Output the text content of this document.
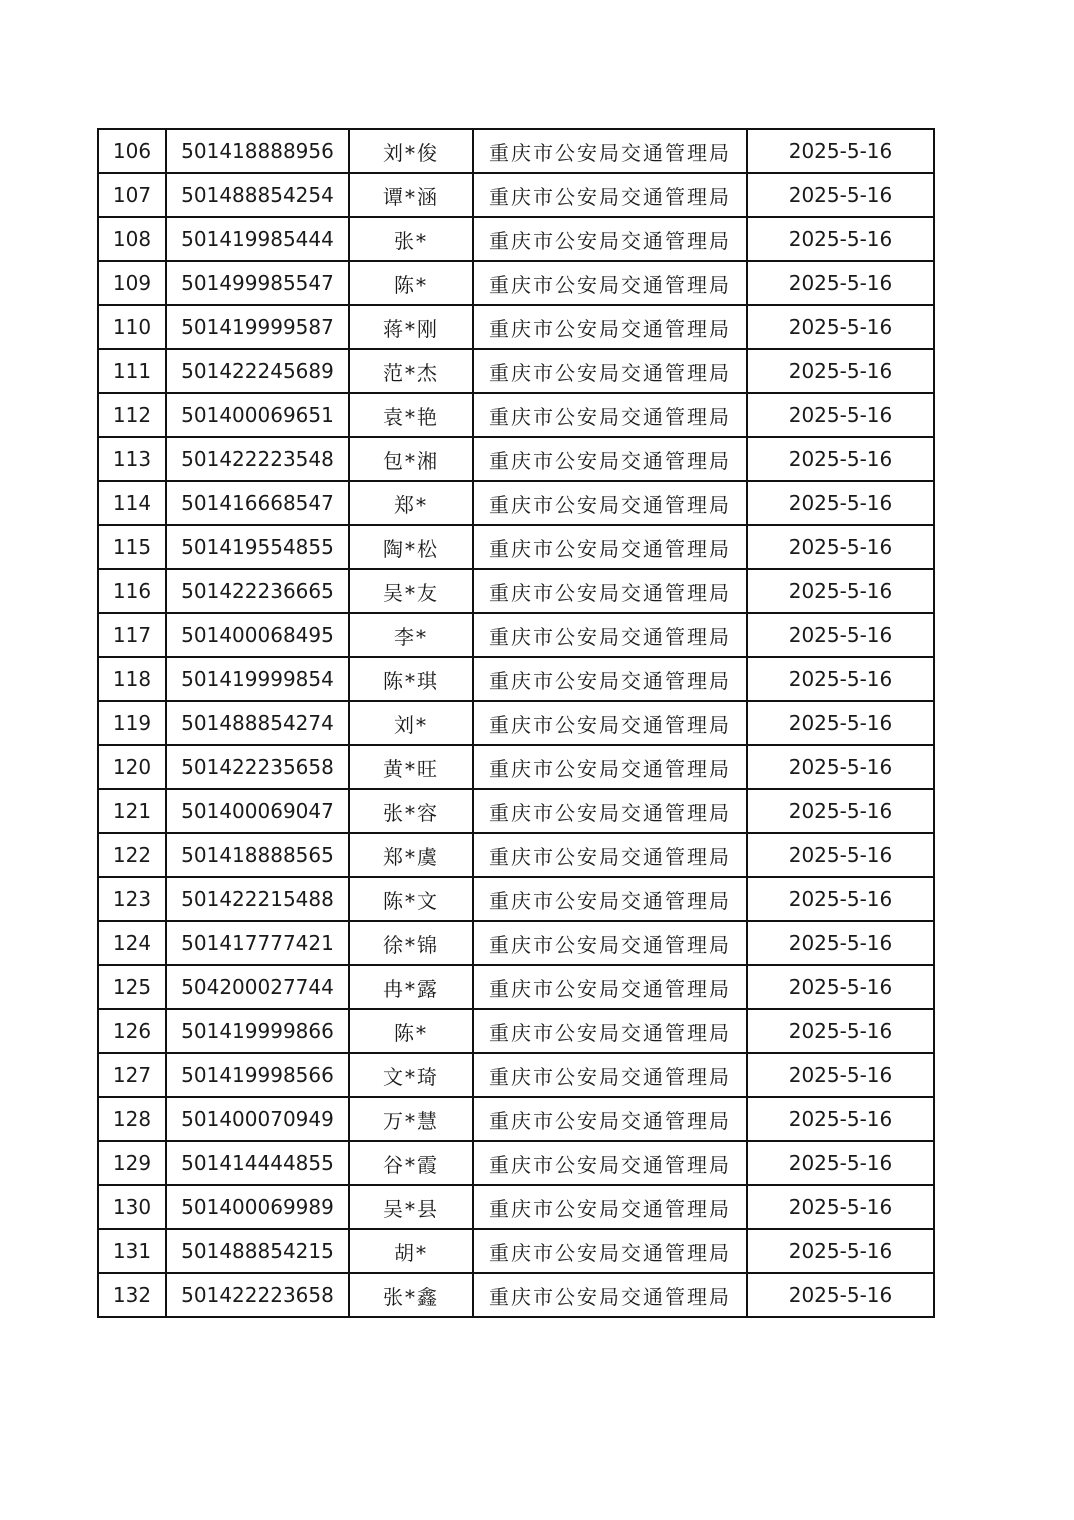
106	501418888956	刘*俊	重庆市公安局交通管理局	2025-5-16
107	501488854254	谭*涵	重庆市公安局交通管理局	2025-5-16
108	501419985444	张*	重庆市公安局交通管理局	2025-5-16
109	501499985547	陈*	重庆市公安局交通管理局	2025-5-16
110	501419999587	蒋*刚	重庆市公安局交通管理局	2025-5-16
111	501422245689	范*杰	重庆市公安局交通管理局	2025-5-16
112	501400069651	袁*艳	重庆市公安局交通管理局	2025-5-16
113	501422223548	包*湘	重庆市公安局交通管理局	2025-5-16
114	501416668547	郑*	重庆市公安局交通管理局	2025-5-16
115	501419554855	陶*松	重庆市公安局交通管理局	2025-5-16
116	501422236665	吴*友	重庆市公安局交通管理局	2025-5-16
117	501400068495	李*	重庆市公安局交通管理局	2025-5-16
118	501419999854	陈*琪	重庆市公安局交通管理局	2025-5-16
119	501488854274	刘*	重庆市公安局交通管理局	2025-5-16
120	501422235658	黄*旺	重庆市公安局交通管理局	2025-5-16
121	501400069047	张*容	重庆市公安局交通管理局	2025-5-16
122	501418888565	郑*虞	重庆市公安局交通管理局	2025-5-16
123	501422215488	陈*文	重庆市公安局交通管理局	2025-5-16
124	501417777421	徐*锦	重庆市公安局交通管理局	2025-5-16
125	504200027744	冉*露	重庆市公安局交通管理局	2025-5-16
126	501419999866	陈*	重庆市公安局交通管理局	2025-5-16
127	501419998566	文*琦	重庆市公安局交通管理局	2025-5-16
128	501400070949	万*慧	重庆市公安局交通管理局	2025-5-16
129	501414444855	谷*霞	重庆市公安局交通管理局	2025-5-16
130	501400069989	吴*县	重庆市公安局交通管理局	2025-5-16
131	501488854215	胡*	重庆市公安局交通管理局	2025-5-16
132	501422223658	张*鑫	重庆市公安局交通管理局	2025-5-16
